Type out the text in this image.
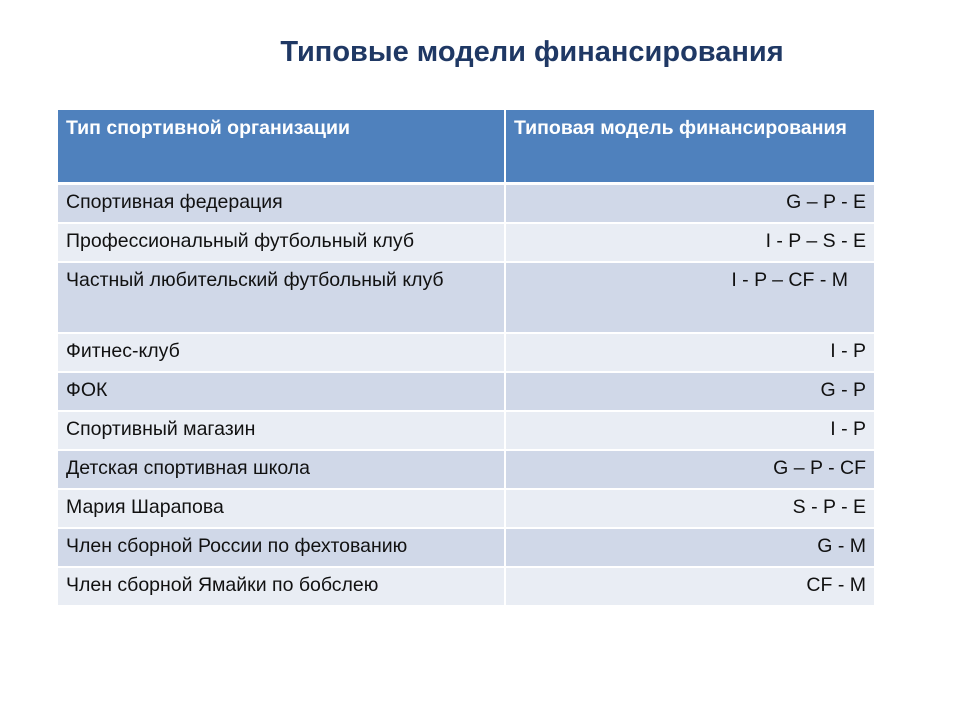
Типовые модели финансирования
Тип спортивной организации	Типовая модель финансирования
Спортивная федерация	G – P - E
Профессиональный футбольный клуб	I - P – S - E
Частный любительский футбольный клуб	I - P – CF - M
Фитнес-клуб	I - P
ФОК	G - P
Спортивный магазин	I - P
Детская спортивная школа	G – P - CF
Мария Шарапова	S - P - E
Член сборной России по фехтованию	G - M
Член сборной Ямайки по бобслею	CF - M
